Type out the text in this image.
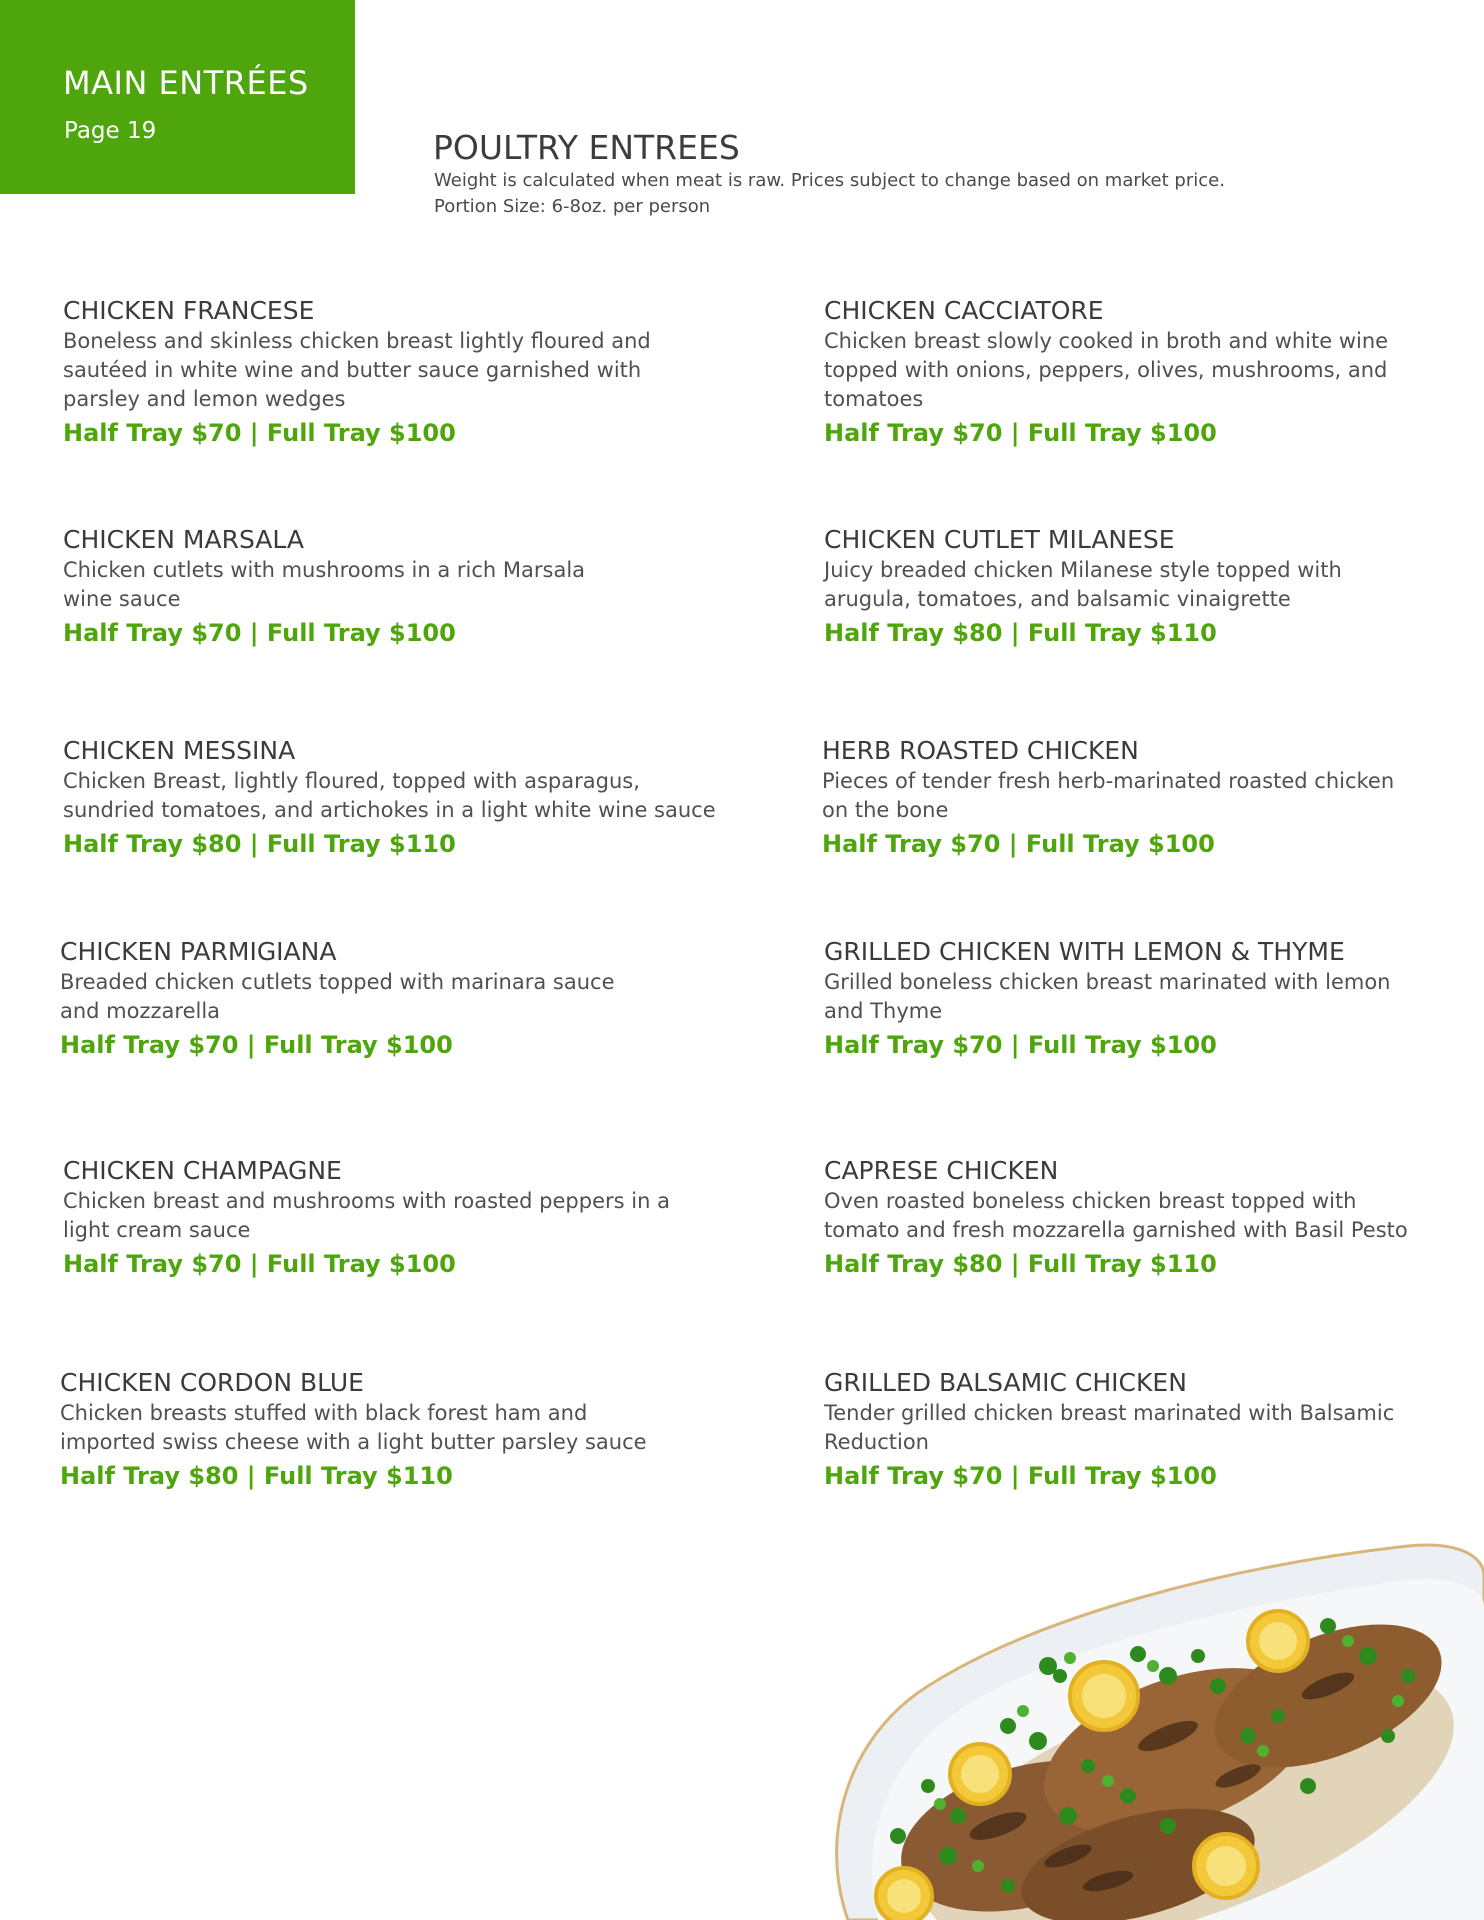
MAIN ENTRÉES
Page 19	POULTRY ENTREES
Weight is calculated when meat is raw. Prices subject to change based on market price.
Portion Size: 6-8oz. per person
CHICKEN FRANCESE
Boneless and skinless chicken breast lightly floured and
sautéed in white wine and butter sauce garnished with
parsley and lemon wedges
Half Tray $70 | Full Tray $100
CHICKEN CACCIATORE
Chicken breast slowly cooked in broth and white wine
topped with onions, peppers, olives, mushrooms, and
tomatoes
Half Tray $70 | Full Tray $100
CHICKEN MARSALA
Chicken cutlets with mushrooms in a rich Marsala
wine sauce
Half Tray $70 | Full Tray $100
CHICKEN CUTLET MILANESE
Juicy breaded chicken Milanese style topped with
arugula, tomatoes, and balsamic vinaigrette
Half Tray $80 | Full Tray $110
CHICKEN MESSINA
Chicken Breast, lightly floured, topped with asparagus,
sundried tomatoes, and artichokes in a light white wine sauce
Half Tray $80 | Full Tray $110
HERB ROASTED CHICKEN
Pieces of tender fresh herb-marinated roasted chicken
on the bone
Half Tray $70 | Full Tray $100
CHICKEN PARMIGIANA
Breaded chicken cutlets topped with marinara sauce
and mozzarella
Half Tray $70 | Full Tray $100
GRILLED CHICKEN WITH LEMON & THYME
Grilled boneless chicken breast marinated with lemon
and Thyme
Half Tray $70 | Full Tray $100
CHICKEN CHAMPAGNE
Chicken breast and mushrooms with roasted peppers in a
light cream sauce
Half Tray $70 | Full Tray $100
CAPRESE CHICKEN
Oven roasted boneless chicken breast topped with
tomato and fresh mozzarella garnished with Basil Pesto
Half Tray $80 | Full Tray $110
CHICKEN CORDON BLUE
Chicken breasts stuffed with black forest ham and
imported swiss cheese with a light butter parsley sauce
Half Tray $80 | Full Tray $110
GRILLED BALSAMIC CHICKEN
Tender grilled chicken breast marinated with Balsamic
Reduction
Half Tray $70 | Full Tray $100
